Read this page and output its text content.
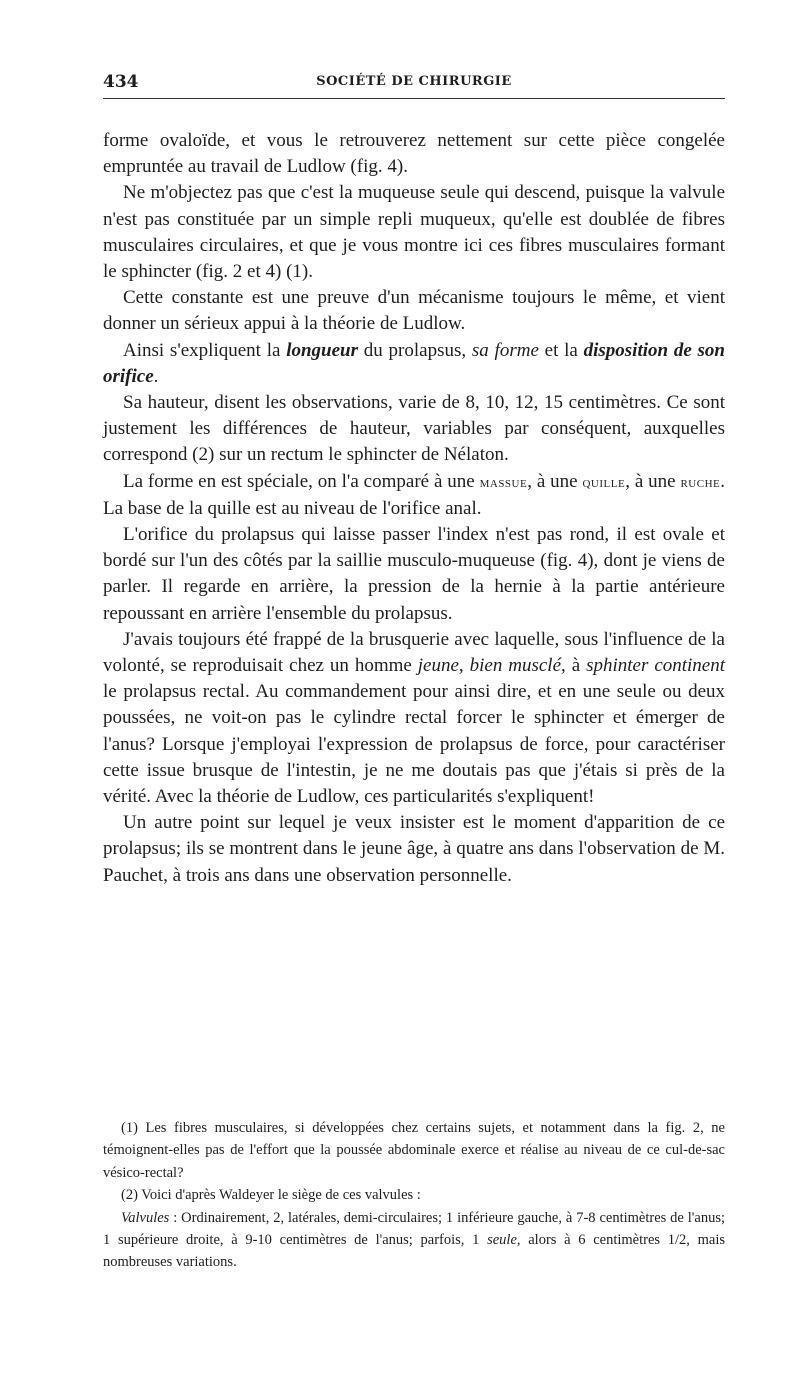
434	SOCIÉTÉ DE CHIRURGIE

forme ovaloïde, et vous le retrouverez nettement sur cette pièce congelée empruntée au travail de Ludlow (fig. 4).

Ne m'objectez pas que c'est la muqueuse seule qui descend, puisque la valvule n'est pas constituée par un simple repli muqueux, qu'elle est doublée de fibres musculaires circulaires, et que je vous montre ici ces fibres musculaires formant le sphincter (fig. 2 et 4) (1).

Cette constante est une preuve d'un mécanisme toujours le même, et vient donner un sérieux appui à la théorie de Ludlow.

Ainsi s'expliquent la longueur du prolapsus, sa forme et la disposition de son orifice.

Sa hauteur, disent les observations, varie de 8, 10, 12, 15 centimètres. Ce sont justement les différences de hauteur, variables par conséquent, auxquelles correspond (2) sur un rectum le sphincter de Nélaton.

La forme en est spéciale, on l'a comparé à une massue, à une quille, à une ruche. La base de la quille est au niveau de l'orifice anal.

L'orifice du prolapsus qui laisse passer l'index n'est pas rond, il est ovale et bordé sur l'un des côtés par la saillie musculo-muqueuse (fig. 4), dont je viens de parler. Il regarde en arrière, la pression de la hernie à la partie antérieure repoussant en arrière l'ensemble du prolapsus.

J'avais toujours été frappé de la brusquerie avec laquelle, sous l'influence de la volonté, se reproduisait chez un homme jeune, bien musclé, à sphinter continent le prolapsus rectal. Au commandement pour ainsi dire, et en une seule ou deux poussées, ne voit-on pas le cylindre rectal forcer le sphincter et émerger de l'anus? Lorsque j'employai l'expression de prolapsus de force, pour caractériser cette issue brusque de l'intestin, je ne me doutais pas que j'étais si près de la vérité. Avec la théorie de Ludlow, ces particularités s'expliquent!

Un autre point sur lequel je veux insister est le moment d'apparition de ce prolapsus; ils se montrent dans le jeune âge, à quatre ans dans l'observation de M. Pauchet, à trois ans dans une observation personnelle.

(1) Les fibres musculaires, si développées chez certains sujets, et notamment dans la fig. 2, ne témoignent-elles pas de l'effort que la poussée abdominale exerce et réalise au niveau de ce cul-de-sac vésico-rectal?

(2) Voici d'après Waldeyer le siège de ces valvules :

Valvules : Ordinairement, 2, latérales, demi-circulaires; 1 inférieure gauche, à 7-8 centimètres de l'anus; 1 supérieure droite, à 9-10 centimètres de l'anus; parfois, 1 seule, alors à 6 centimètres 1/2, mais nombreuses variations.
